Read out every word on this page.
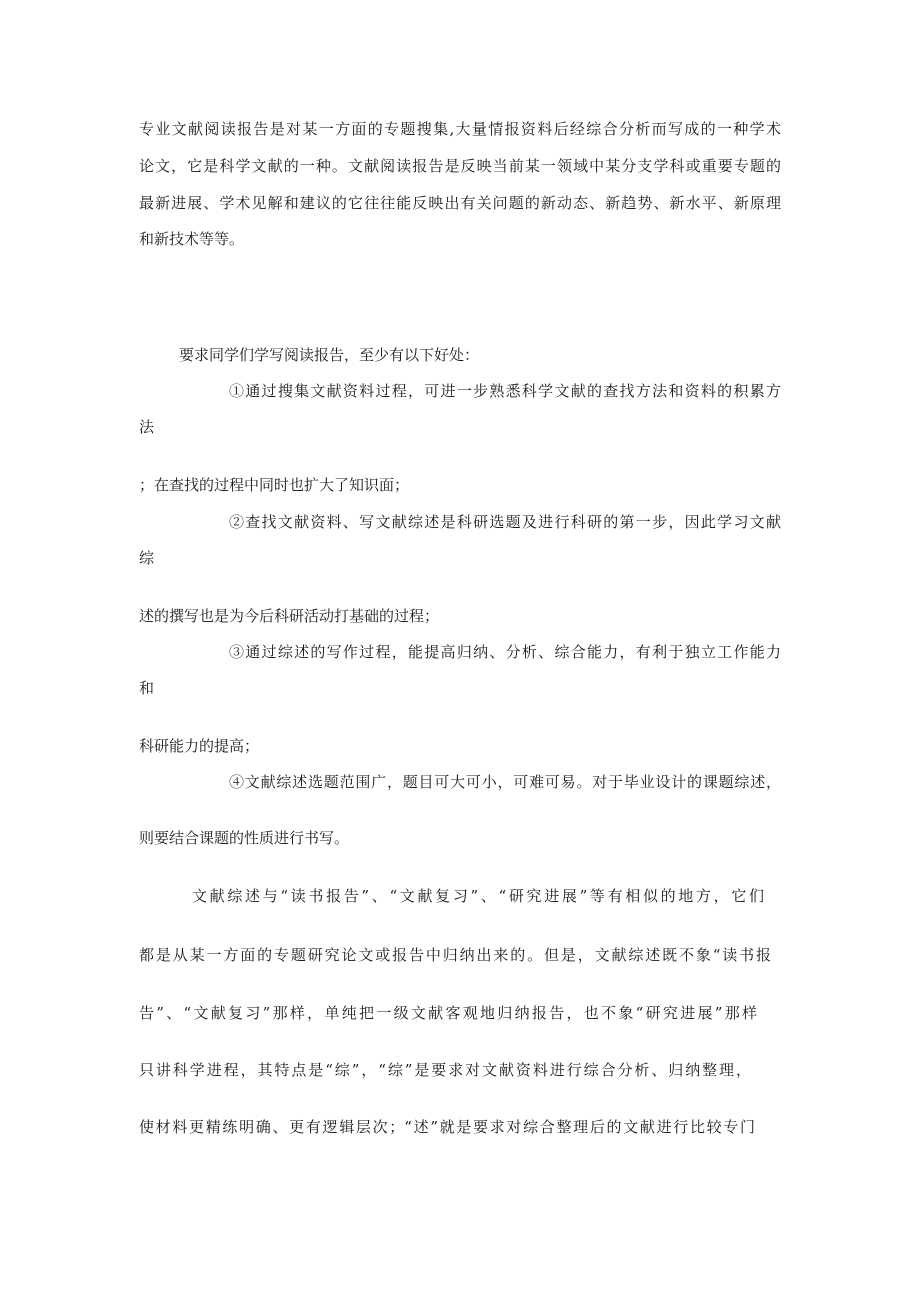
专业文献阅读报告是对某一方面的专题搜集,大量情报资料后经综合分析而写成的一种学术
论文，它是科学文献的一种。文献阅读报告是反映当前某一领域中某分支学科或重要专题的
最新进展、学术见解和建议的它往往能反映出有关问题的新动态、新趋势、新水平、新原理
和新技术等等。
要求同学们学写阅读报告，至少有以下好处：
①通过搜集文献资料过程，可进一步熟悉科学文献的查找方法和资料的积累方
法
；在查找的过程中同时也扩大了知识面；
②查找文献资料、写文献综述是科研选题及进行科研的第一步，因此学习文献
综
述的撰写也是为今后科研活动打基础的过程；
③通过综述的写作过程，能提高归纳、分析、综合能力，有利于独立工作能力
和
科研能力的提高；
④文献综述选题范围广，题目可大可小，可难可易。对于毕业设计的课题综述，
则要结合课题的性质进行书写。
文献综述与“读书报告”、“文献复习”、“研究进展”等有相似的地方，它们
都是从某一方面的专题研究论文或报告中归纳出来的。但是，文献综述既不象“读书报
告”、“文献复习”那样，单纯把一级文献客观地归纳报告，也不象“研究进展”那样
只讲科学进程，其特点是“综”，“综”是要求对文献资料进行综合分析、归纳整理，
使材料更精练明确、更有逻辑层次；“述”就是要求对综合整理后的文献进行比较专门
